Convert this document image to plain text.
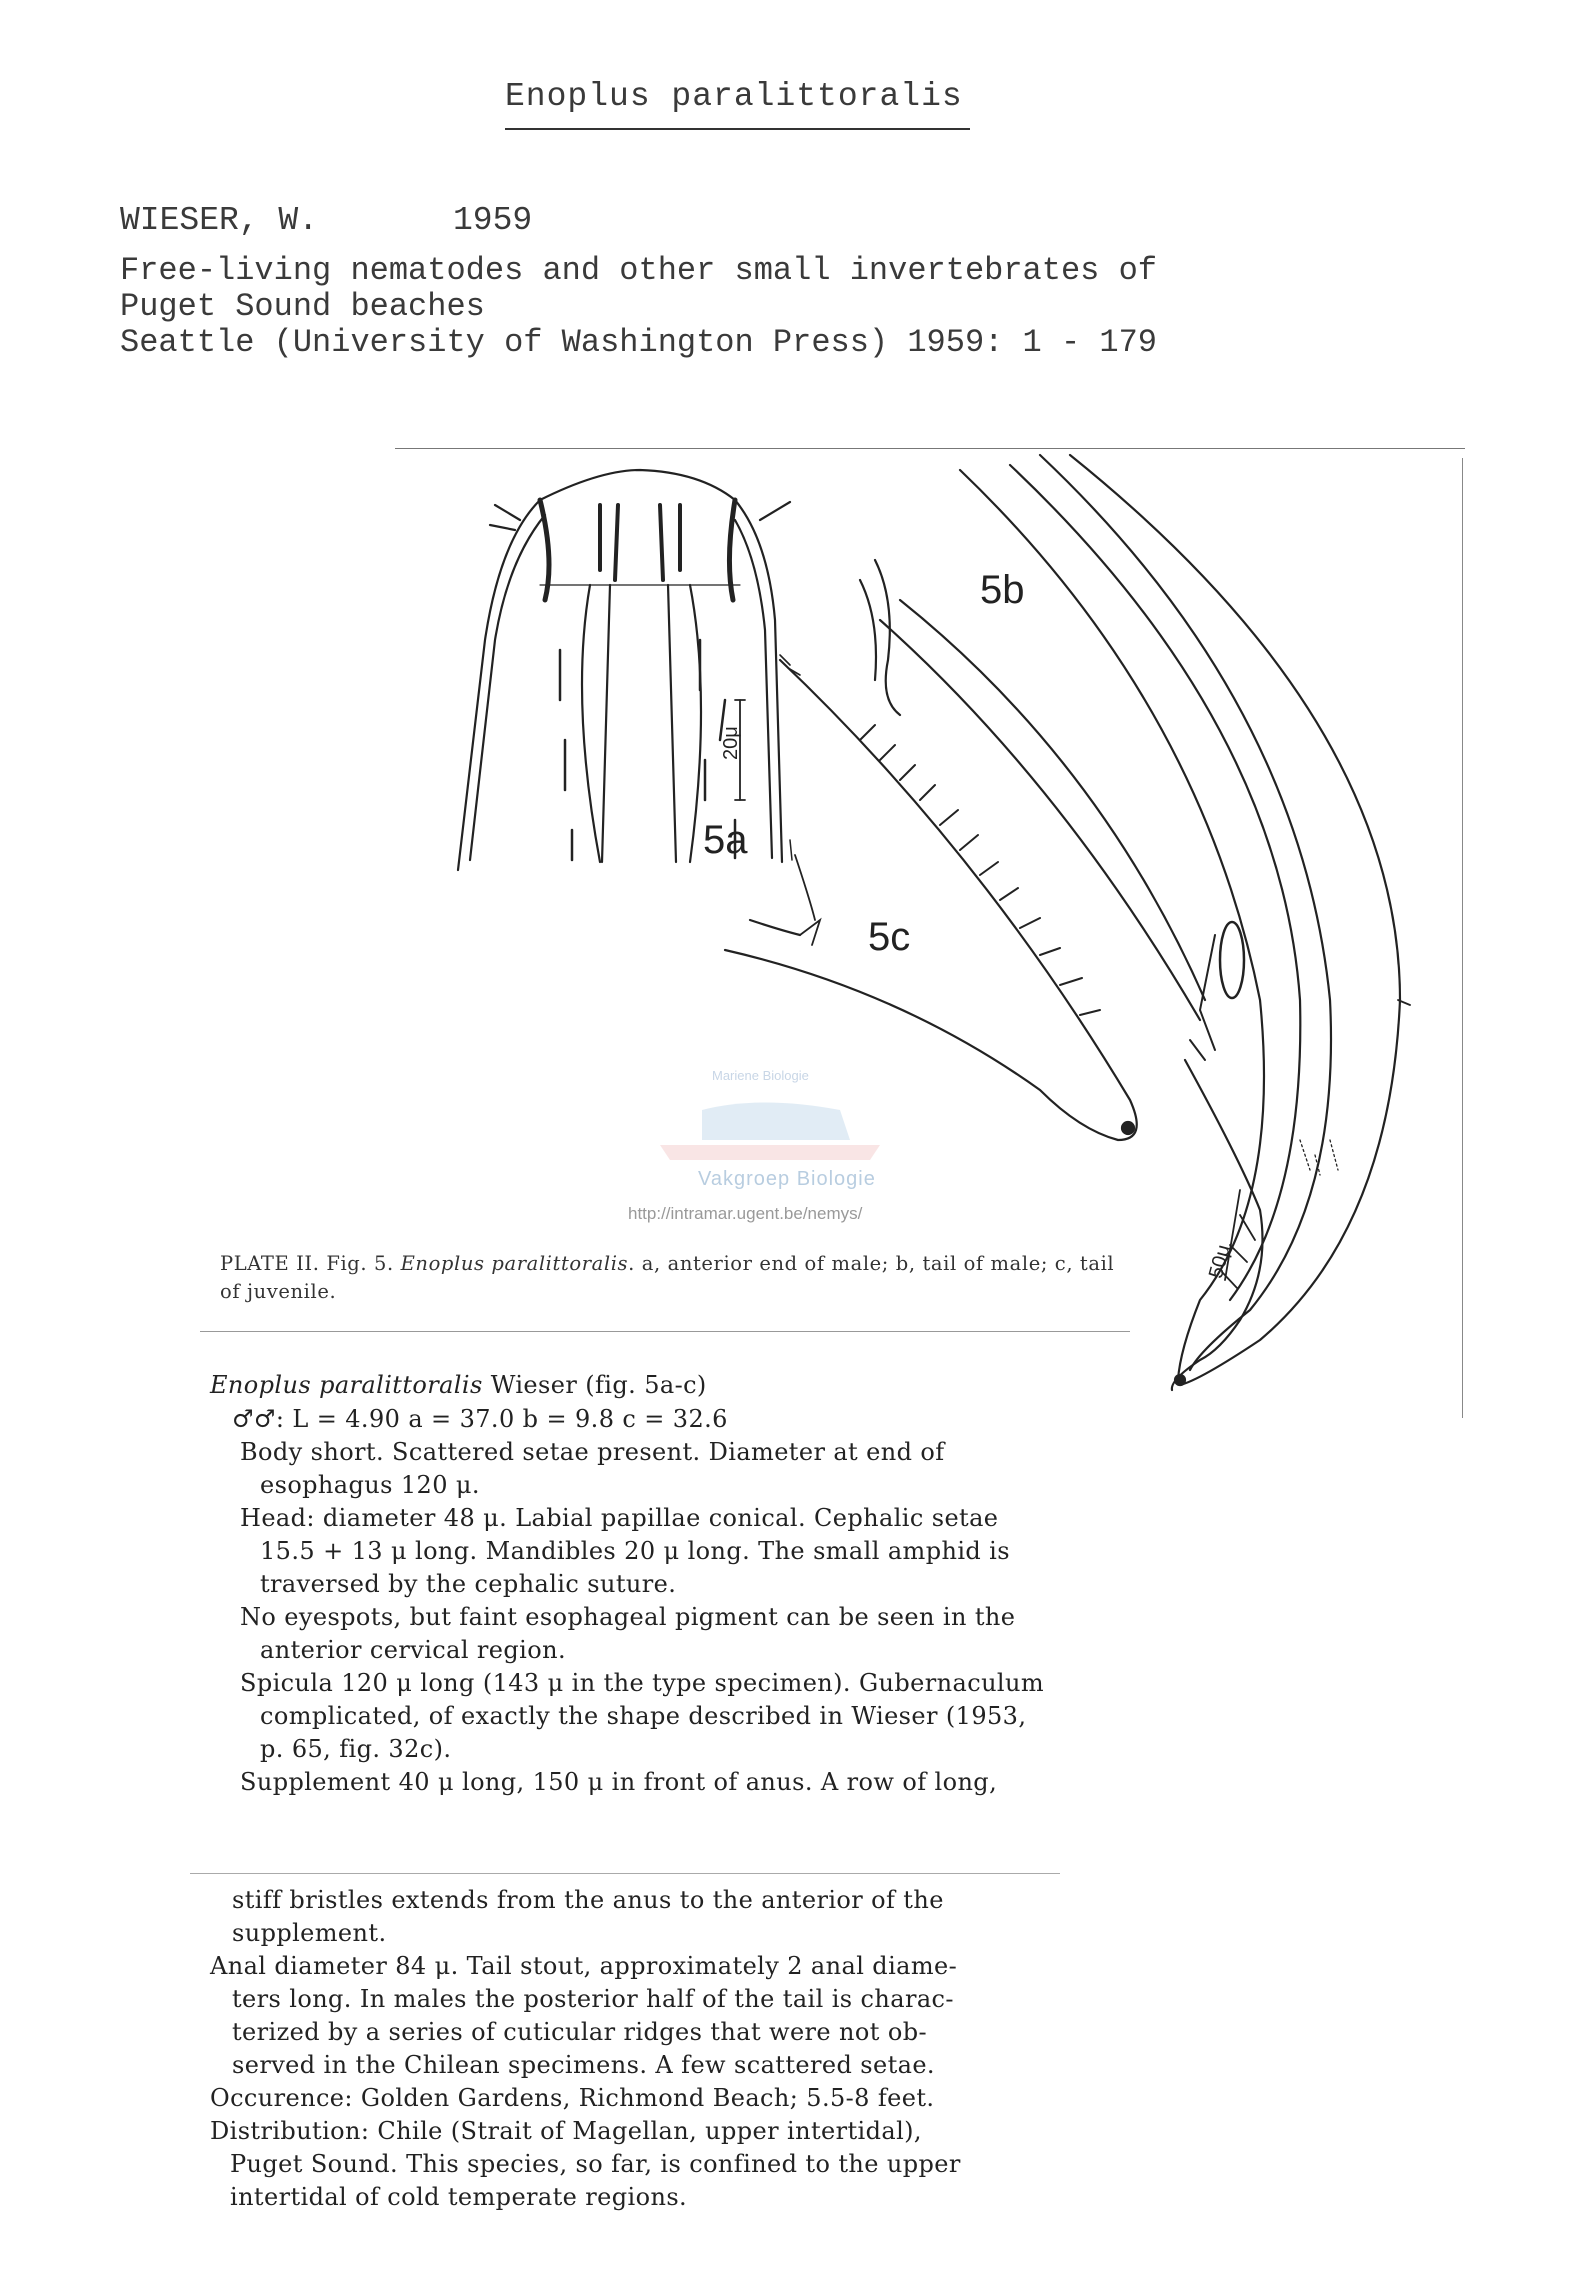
Enoplus paralittoralis
WIESER, W.	1959
Free-living nematodes and other small invertebrates of
Puget Sound beaches
Seattle (University of Washington Press) 1959: 1 - 179
5a
5b
5c
20μ
50μ
Mariene Biologie
Vakgroep Biologie
http://intramar.ugent.be/nemys/
PLATE II. Fig. 5. Enoplus paralittoralis. a, anterior end of male; b, tail of male; c, tail of juvenile.
Enoplus paralittoralis Wieser (fig. 5a-c)
♂♂: L = 4.90 a = 37.0 b = 9.8 c = 32.6
Body short. Scattered setae present. Diameter at end of
esophagus 120 μ.
Head: diameter 48 μ. Labial papillae conical. Cephalic setae
15.5 + 13 μ long. Mandibles 20 μ long. The small amphid is
traversed by the cephalic suture.
No eyespots, but faint esophageal pigment can be seen in the
anterior cervical region.
Spicula 120 μ long (143 μ in the type specimen). Gubernaculum
complicated, of exactly the shape described in Wieser (1953,
p. 65, fig. 32c).
Supplement 40 μ long, 150 μ in front of anus. A row of long,
stiff bristles extends from the anus to the anterior of the
supplement.
Anal diameter 84 μ. Tail stout, approximately 2 anal diame-
ters long. In males the posterior half of the tail is charac-
terized by a series of cuticular ridges that were not ob-
served in the Chilean specimens. A few scattered setae.
Occurence: Golden Gardens, Richmond Beach; 5.5-8 feet.
Distribution: Chile (Strait of Magellan, upper intertidal),
Puget Sound. This species, so far, is confined to the upper
intertidal of cold temperate regions.
